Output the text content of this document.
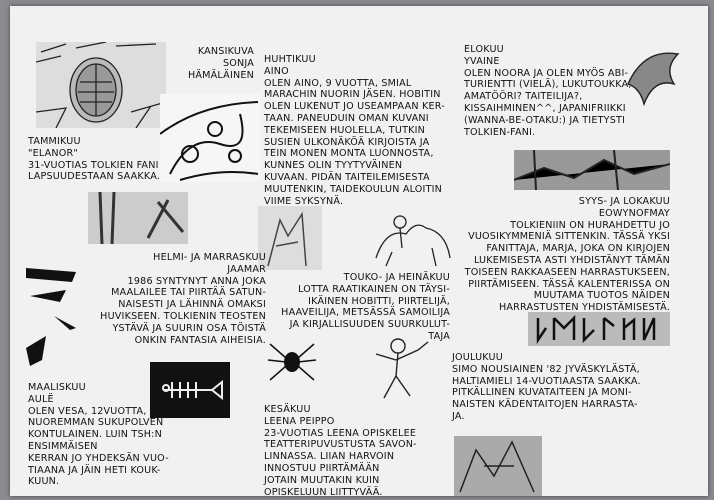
KANSIKUVA
SONJA HÄMÄLÄINEN
TAMMIKUU
"ELANOR"
31-VUOTIAS TOLKIEN FANI
LAPSUUDESTAAN SAAKKA.
HELMI- JA MARRASKUU
JAAMAR
1986 SYNTYNYT ANNA JOKA
MAALAILEE TAI PIIRTÄÄ SATUN-
NAISESTI JA LÄHINNÄ OMAKSI
HUVIKSEEN. TOLKIENIN TEOSTEN
YSTÄVÄ JA SUURIN OSA TÖISTÄ
ONKIN FANTASIA AIHEISIA.
MAALISKUU
AULË
OLEN VESA, 12VUOTTA,
NUOREMMAN SUKUPOLVEN
KONTULAINEN. LUIN TSH:N
ENSIMMÄISEN
KERRAN JO YHDEKSÄN VUO-
TIAANA JA JÄIN HETI KOUK-
KUUN.
HUHTIKUU
AINO
OLEN AINO, 9 VUOTTA, SMIAL
MARACHIN NUORIN JÄSEN. HOBITIN
OLEN LUKENUT JO USEAMPAAN KER-
TAAN. PANEUDUIN OMAN KUVANI
TEKEMISEEN HUOLELLA, TUTKIN
SUSIEN ULKONÄKÖÄ KIRJOISTA JA
TEIN MONEN MONTA LUONNOSTA,
KUNNES OLIN TYYTYVÄINEN
KUVAAN. PIDÄN TAITEILEMISESTA
MUUTENKIN, TAIDEKOULUN ALOITIN
VIIME SYKSYNÄ.
TOUKO- JA HEINÄKUU
LOTTA RAATIKAINEN ON TÄYSI-
IKÄINEN HOBITTI, PIIRTELIJÄ,
HAAVEILIJA, METSÄSSÄ SAMOILIJA
JA KIRJALLISUUDEN SUURKULUT-
TAJA
KESÄKUU
LEENA PEIPPO
23-VUOTIAS LEENA OPISKELEE
TEATTERIPUVUSTUSTA SAVON-
LINNASSA. LIIAN HARVOIN
INNOSTUU PIIRTÄMÄÄN
JOTAIN MUUTAKIN KUIN
OPISKELUUN LIITTYVÄÄ.
ELOKUU
YVAINE
OLEN NOORA JA OLEN MYÖS ABI-
TURIENTTI (VIELÄ), LUKUTOUKKA,
AMATÖÖRI? TAITEILIJA?,
KISSAIHMINEN^^, JAPANIFRIIKKI
(WANNA-BE-OTAKU:) JA TIETYSTI
TOLKIEN-FANI.
SYYS- JA LOKAKUU
EOWYNOFMAY
TOLKIENIIN ON HURAHDETTU JO
VUOSIKYMMENIÄ SITTENKIN. TÄSSÄ YKSI
FANITTAJA, MARJA, JOKA ON KIRJOJEN
LUKEMISESTA ASTI YHDISTÄNYT TÄMÄN
TOISEEN RAKKAASEEN HARRASTUKSEEN,
PIIRTÄMISEEN. TÄSSÄ KALENTERISSA ON
MUUTAMA TUOTOS NÄIDEN
HARRASTUSTEN YHDISTÄMISESTÄ.
JOULUKUU
SIMO NOUSIAINEN '82 JYVÄSKYLÄSTÄ,
HALTIAMIELI 14-VUOTIAASTA SAAKKA.
PITKÄLLINEN KUVATAITEEN JA MONI-
NAISTEN KÄDENTAITOJEN HARRASTA-
JA.
